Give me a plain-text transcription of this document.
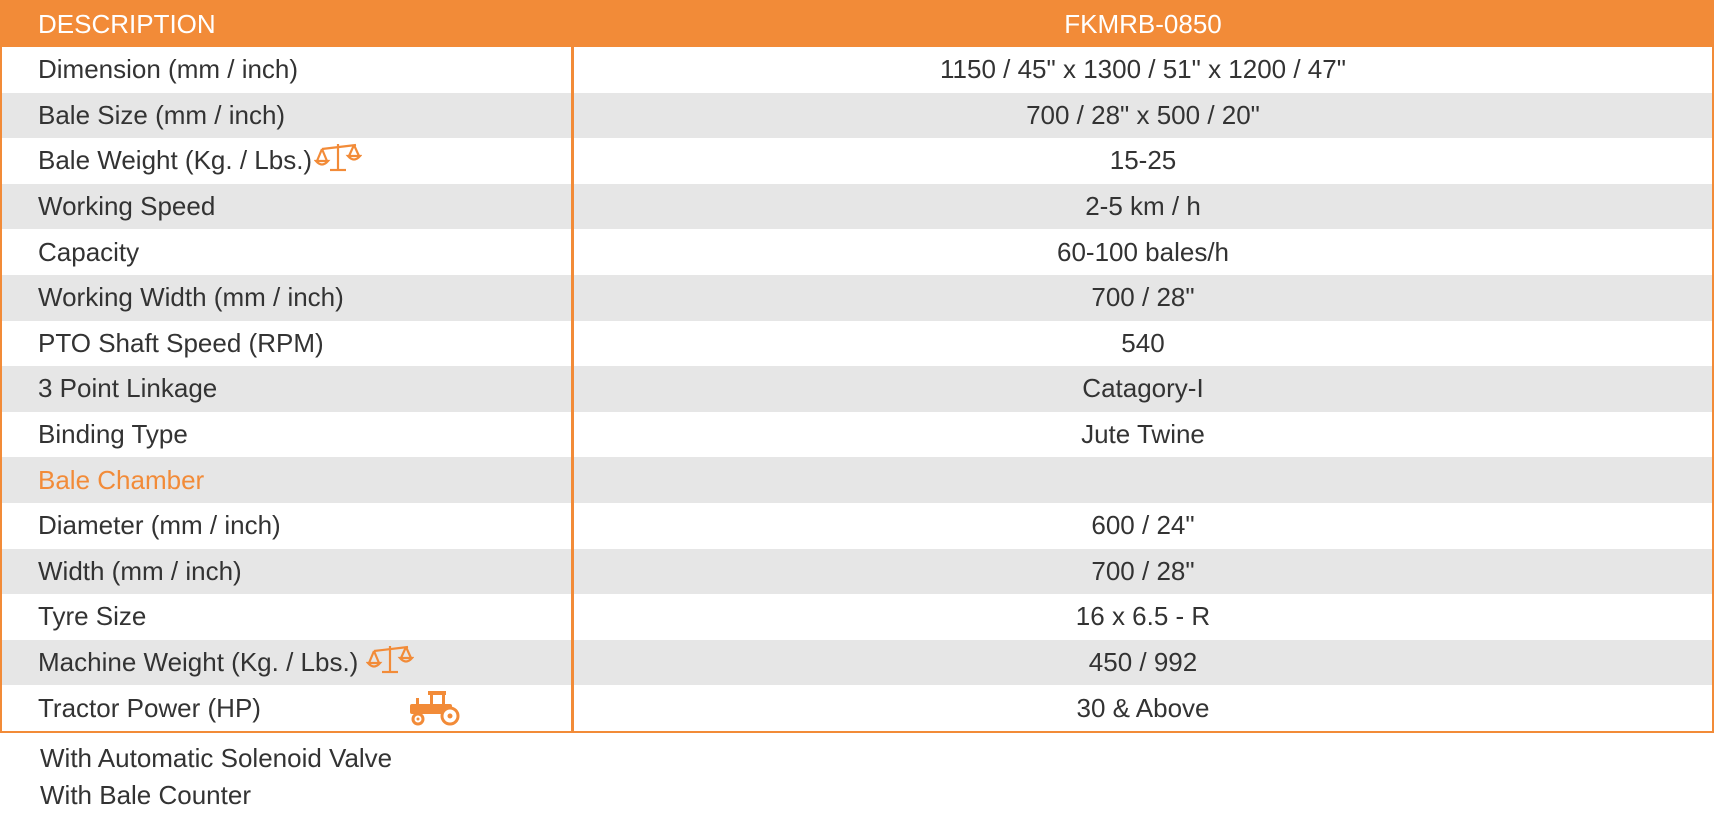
DESCRIPTION	FKMRB-0850
Dimension (mm / inch)	1150 / 45" x 1300 / 51" x 1200 / 47"
Bale Size (mm / inch)	700 / 28" x 500 / 20"
Bale Weight (Kg. / Lbs.)	15-25
Working Speed	2-5 km / h
Capacity	60-100 bales/h
Working Width (mm / inch)	700 / 28"
PTO Shaft Speed (RPM)	540
3 Point Linkage	Catagory-I
Binding Type	Jute Twine
Bale Chamber
Diameter (mm / inch)	600 / 24"
Width (mm / inch)	700 / 28"
Tyre Size	16 x 6.5 - R
Machine Weight (Kg. / Lbs.)	450 / 992
Tractor Power (HP)	30 & Above
With Automatic Solenoid Valve
With Bale Counter
